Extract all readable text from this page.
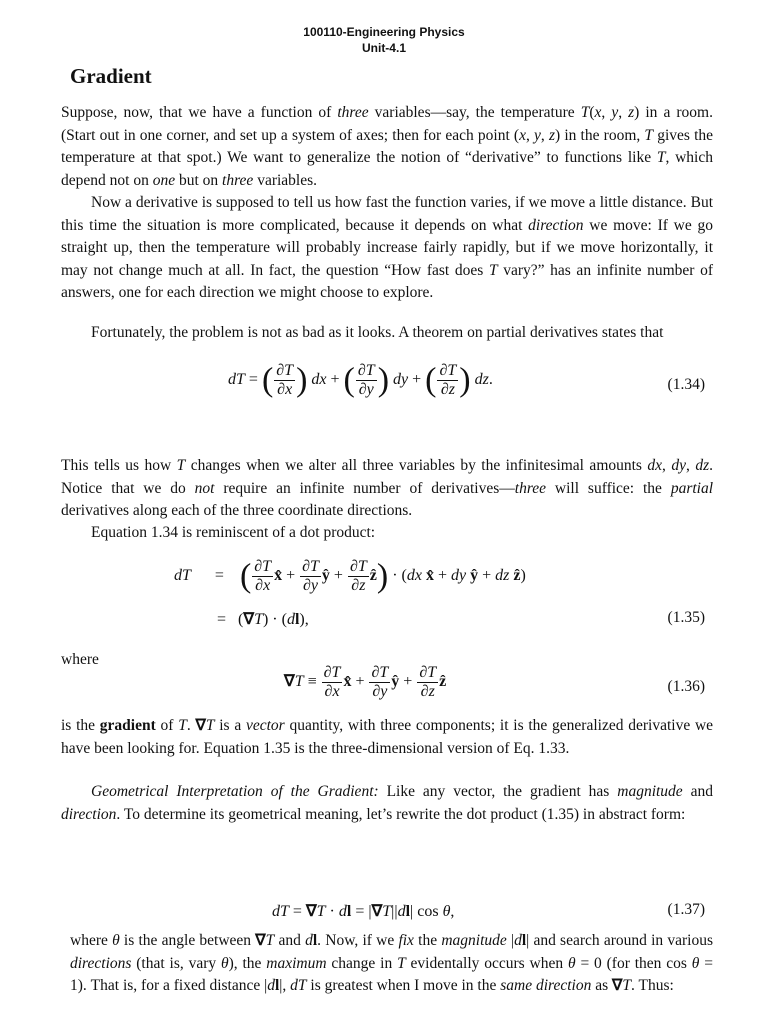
100110-Engineering Physics
Unit-4.1
Gradient

Suppose, now, that we have a function of three variables—say, the temperature T(x, y, z) in a room. (Start out in one corner, and set up a system of axes; then for each point (x, y, z) in the room, T gives the temperature at that spot.) We want to generalize the notion of “derivative” to functions like T, which depend not on one but on three variables.

Now a derivative is supposed to tell us how fast the function varies, if we move a little distance. But this time the situation is more complicated, because it depends on what direction we move: If we go straight up, then the temperature will probably increase fairly rapidly, but if we move horizontally, it may not change much at all. In fact, the question “How fast does T vary?” has an infinite number of answers, one for each direction we might choose to explore.

Fortunately, the problem is not as bad as it looks. A theorem on partial derivatives states that

dT = ( $\frac{\partial T}{\partial x}$ ) dx + ( $\frac{\partial T}{\partial y}$ ) dy + ( $\frac{\partial T}{\partial z}$ ) dz.	(1.34)

This tells us how T changes when we alter all three variables by the infinitesimal amounts dx, dy, dz. Notice that we do not require an infinite number of derivatives—three will suffice: the partial derivatives along each of the three coordinate directions.

Equation 1.34 is reminiscent of a dot product:

dT      =    ( $\frac{\partial T}{\partial x}$ x̂ + $\frac{\partial T}{\partial y}$ ŷ + $\frac{\partial T}{\partial z}$ ẑ) · (dx x̂ + dy ŷ + dz ẑ)
=   (∇T) · (dl),	(1.35)
where
$\nabla T \equiv \frac{\partial T}{\partial x}$ x̂ + $\frac{\partial T}{\partial y}$ ŷ + $\frac{\partial T}{\partial z}$ ẑ	(1.36)

is the gradient of T. ∇T is a vector quantity, with three components; it is the generalized derivative we have been looking for. Equation 1.35 is the three-dimensional version of Eq. 1.33.

Geometrical Interpretation of the Gradient: Like any vector, the gradient has magnitude and direction. To determine its geometrical meaning, let’s rewrite the dot product (1.35) in abstract form:

dT = ∇T · dl = |∇T||dl| cos θ,	(1.37)

where θ is the angle between ∇T and dl. Now, if we fix the magnitude |dl| and search around in various directions (that is, vary θ), the maximum change in T evidentally occurs when θ = 0 (for then cos θ = 1). That is, for a fixed distance |dl|, dT is greatest when I move in the same direction as ∇T. Thus:
